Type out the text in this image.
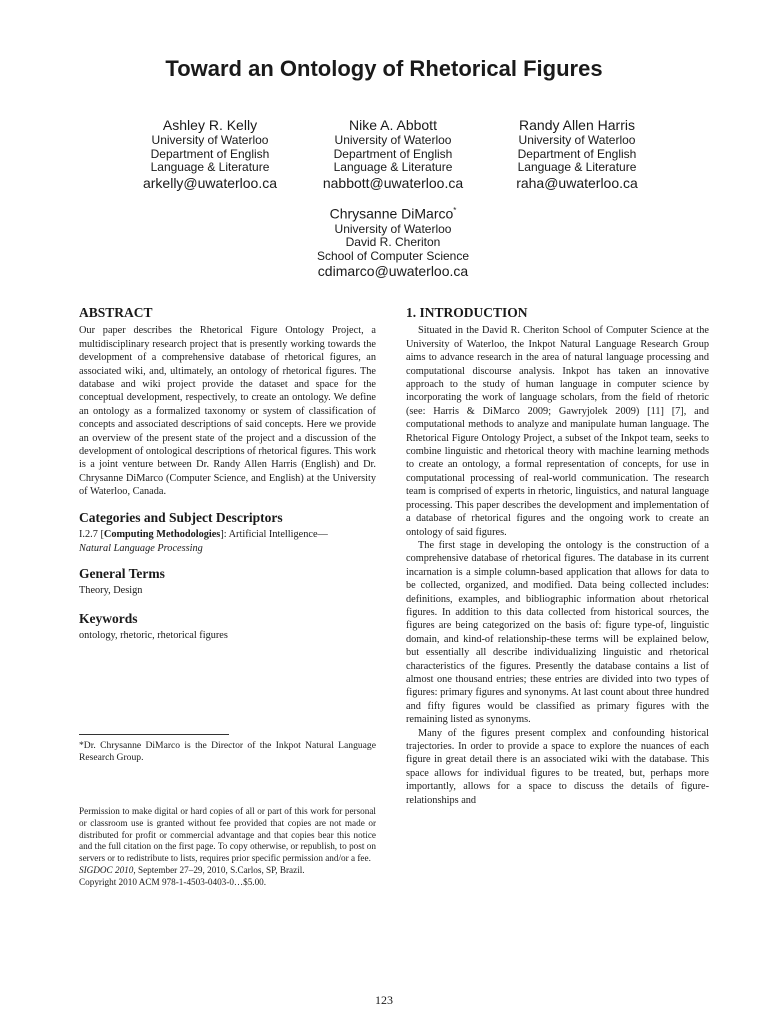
Toward an Ontology of Rhetorical Figures
Ashley R. Kelly
University of Waterloo
Department of English
Language & Literature
arkelly@uwaterloo.ca
Nike A. Abbott
University of Waterloo
Department of English
Language & Literature
nabbott@uwaterloo.ca
Randy Allen Harris
University of Waterloo
Department of English
Language & Literature
raha@uwaterloo.ca
Chrysanne DiMarco*
University of Waterloo
David R. Cheriton
School of Computer Science
cdimarco@uwaterloo.ca
ABSTRACT

Our paper describes the Rhetorical Figure Ontology Project, a multidisciplinary research project that is presently working towards the development of a comprehensive database of rhetorical figures, an associated wiki, and, ultimately, an ontology of rhetorical figures. The database and wiki project provide the dataset and space for the conceptual development, respectively, to create an ontology. We define an ontology as a formalized taxonomy or system of classification of concepts and associated descriptions of said concepts. Here we provide an overview of the present state of the project and a discussion of the development of ontological descriptions of rhetorical figures. This work is a joint venture between Dr. Randy Allen Harris (English) and Dr. Chrysanne DiMarco (Computer Science, and English) at the University of Waterloo, Canada.

Categories and Subject Descriptors

I.2.7 [Computing Methodologies]: Artificial Intelligence—
Natural Language Processing

General Terms

Theory, Design

Keywords

ontology, rhetoric, rhetorical figures

*Dr. Chrysanne DiMarco is the Director of the Inkpot Natural Language Research Group.

Permission to make digital or hard copies of all or part of this work for personal or classroom use is granted without fee provided that copies are not made or distributed for profit or commercial advantage and that copies bear this notice and the full citation on the first page. To copy otherwise, or republish, to post on servers or to redistribute to lists, requires prior specific permission and/or a fee.

SIGDOC 2010, September 27–29, 2010, S.Carlos, SP, Brazil.

Copyright 2010 ACM 978-1-4503-0403-0…$5.00.

1. INTRODUCTION

Situated in the David R. Cheriton School of Computer Science at the University of Waterloo, the Inkpot Natural Language Research Group aims to advance research in the area of natural language processing and computational discourse analysis. Inkpot has taken an innovative approach to the study of human language in computer science by incorporating the work of language scholars, from the field of rhetoric (see: Harris & DiMarco 2009; Gawryjolek 2009) [11] [7], and computational methods to analyze and manipulate human language. The Rhetorical Figure Ontology Project, a subset of the Inkpot team, seeks to combine linguistic and rhetorical theory with machine learning methods to create an ontology, a formal representation of concepts, for use in computational processing of real-world communication. The research team is comprised of experts in rhetoric, linguistics, and natural language processing. This paper describes the development and implementation of a database of rhetorical figures and the ongoing work to create an ontology of said figures.

The first stage in developing the ontology is the construction of a comprehensive database of rhetorical figures. The database in its current incarnation is a simple column-based application that allows for data to be collected, organized, and modified. Data being collected includes: definitions, examples, and bibliographic information about rhetorical figures. In addition to this data collected from historical sources, the figures are being categorized on the basis of: figure type-of, linguistic domain, and kind-of relationship-these terms will be explained below, but essentially all describe individualizing linguistic and rhetorical characteristics of the figures. Presently the database contains a list of almost one thousand entries; these entries are divided into two types of figures: primary figures and synonyms. At last count about three hundred and fifty figures would be classified as primary figures with the remaining listed as synonyms.

Many of the figures present complex and confounding historical trajectories. In order to provide a space to explore the nuances of each figure in great detail there is an associated wiki with the database. This space allows for individual figures to be treated, but, perhaps more importantly, allows for a space to discuss the details of figure-relationships and

123
